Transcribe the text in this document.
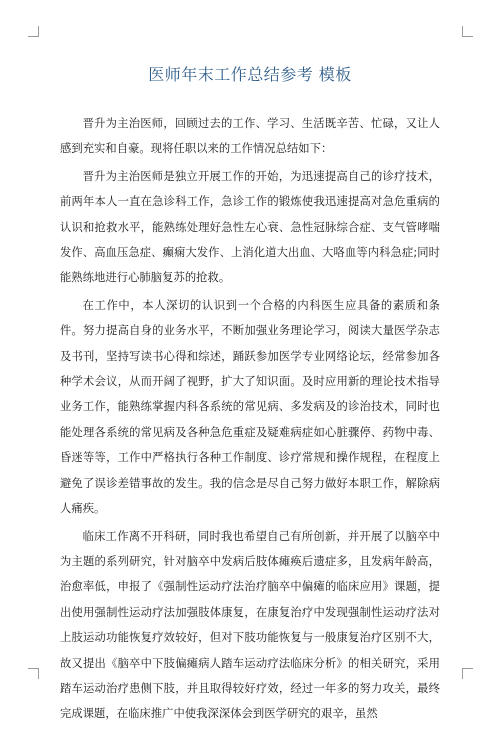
医师年末工作总结参考 模板

晋升为主治医师，回顾过去的工作、学习、生活既辛苦、忙碌，又让人感到充实和自豪。现将任职以来的工作情况总结如下：

晋升为主治医师是独立开展工作的开始，为迅速提高自己的诊疗技术，前两年本人一直在急诊科工作，急诊工作的锻炼使我迅速提高对急危重病的认识和抢救水平，能熟练处理好急性左心衰、急性冠脉综合症、支气管哮喘发作、高血压急症、癫痫大发作、上消化道大出血、大咯血等内科急症;同时能熟练地进行心肺脑复苏的抢救。

在工作中，本人深切的认识到一个合格的内科医生应具备的素质和条件。努力提高自身的业务水平，不断加强业务理论学习，阅读大量医学杂志及书刊，坚持写读书心得和综述，踊跃参加医学专业网络论坛，经常参加各种学术会议，从而开阔了视野，扩大了知识面。及时应用新的理论技术指导业务工作，能熟练掌握内科各系统的常见病、多发病及的诊治技术，同时也能处理各系统的常见病及各种急危重症及疑难病症如心脏骤停、药物中毒、昏迷等等，工作中严格执行各种工作制度、诊疗常规和操作规程，在程度上避免了误诊差错事故的发生。我的信念是尽自己努力做好本职工作，解除病人痛疾。

临床工作离不开科研，同时我也希望自己有所创新，并开展了以脑卒中为主题的系列研究，针对脑卒中发病后肢体瘫痪后遗症多，且发病年龄高，治愈率低，申报了《强制性运动疗法治疗脑卒中偏瘫的临床应用》课题，提出使用强制性运动疗法加强肢体康复，在康复治疗中发现强制性运动疗法对上肢运动功能恢复疗效较好，但对下肢功能恢复与一般康复治疗区别不大，故又提出《脑卒中下肢偏瘫病人踏车运动疗法临床分析》的相关研究，采用踏车运动治疗患侧下肢，并且取得较好疗效，经过一年多的努力攻关，最终完成课题，在临床推广中使我深深体会到医学研究的艰辛，虽然
